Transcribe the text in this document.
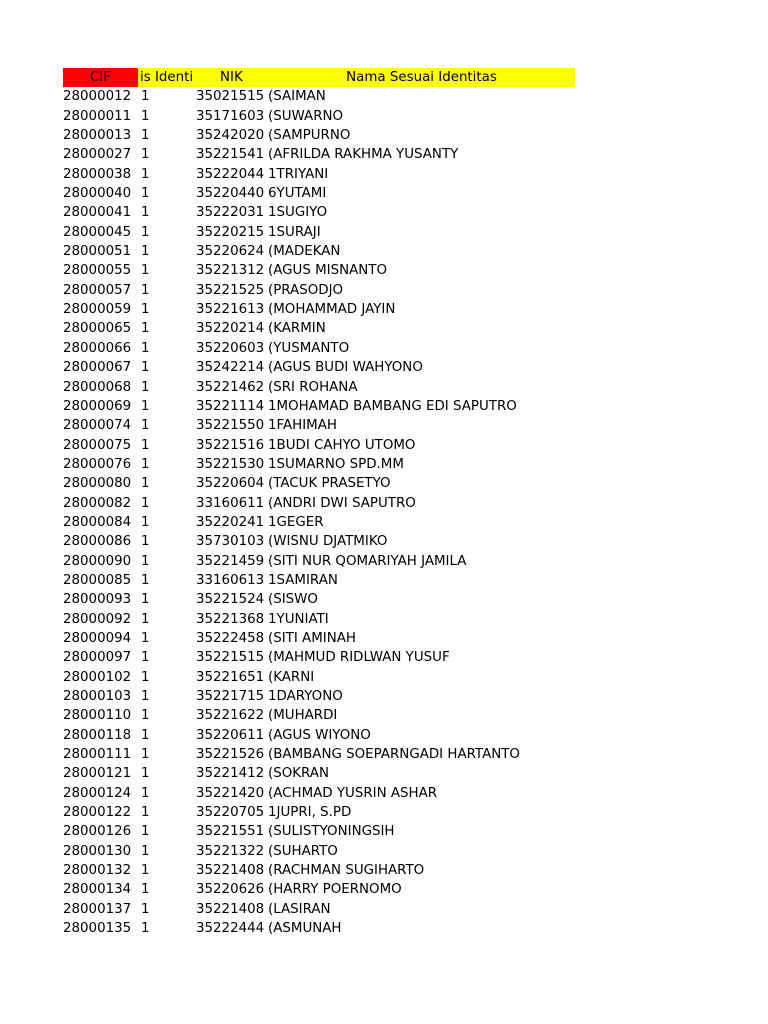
CIF	is Identi	NIK	Nama Sesuai Identitas
28000012 1	35021515 (SAIMAN
28000011 1	35171603 (SUWARNO
28000013 1	35242020 (SAMPURNO
28000027 1	35221541 (AFRILDA RAKHMA YUSANTY
28000038 1	35222044 1TRIYANI
28000040 1	35220440 6YUTAMI
28000041 1	35222031 1SUGIYO
28000045 1	35220215 1SURAJI
28000051 1	35220624 (MADEKAN
28000055 1	35221312 (AGUS MISNANTO
28000057 1	35221525 (PRASODJO
28000059 1	35221613 (MOHAMMAD JAYIN
28000065 1	35220214 (KARMIN
28000066 1	35220603 (YUSMANTO
28000067 1	35242214 (AGUS BUDI WAHYONO
28000068 1	35221462 (SRI ROHANA
28000069 1	35221114 1MOHAMAD BAMBANG EDI SAPUTRO
28000074 1	35221550 1FAHIMAH
28000075 1	35221516 1BUDI CAHYO UTOMO
28000076 1	35221530 1SUMARNO SPD.MM
28000080 1	35220604 (TACUK PRASETYO
28000082 1	33160611 (ANDRI DWI SAPUTRO
28000084 1	35220241 1GEGER
28000086 1	35730103 (WISNU DJATMIKO
28000090 1	35221459 (SITI NUR QOMARIYAH JAMILA
28000085 1	33160613 1SAMIRAN
28000093 1	35221524 (SISWO
28000092 1	35221368 1YUNIATI
28000094 1	35222458 (SITI AMINAH
28000097 1	35221515 (MAHMUD RIDLWAN YUSUF
28000102 1	35221651 (KARNI
28000103 1	35221715 1DARYONO
28000110 1	35221622 (MUHARDI
28000118 1	35220611 (AGUS WIYONO
28000111 1	35221526 (BAMBANG SOEPARNGADI HARTANTO
28000121 1	35221412 (SOKRAN
28000124 1	35221420 (ACHMAD YUSRIN ASHAR
28000122 1	35220705 1JUPRI, S.PD
28000126 1	35221551 (SULISTYONINGSIH
28000130 1	35221322 (SUHARTO
28000132 1	35221408 (RACHMAN SUGIHARTO
28000134 1	35220626 (HARRY POERNOMO
28000137 1	35221408 (LASIRAN
28000135 1	35222444 (ASMUNAH
